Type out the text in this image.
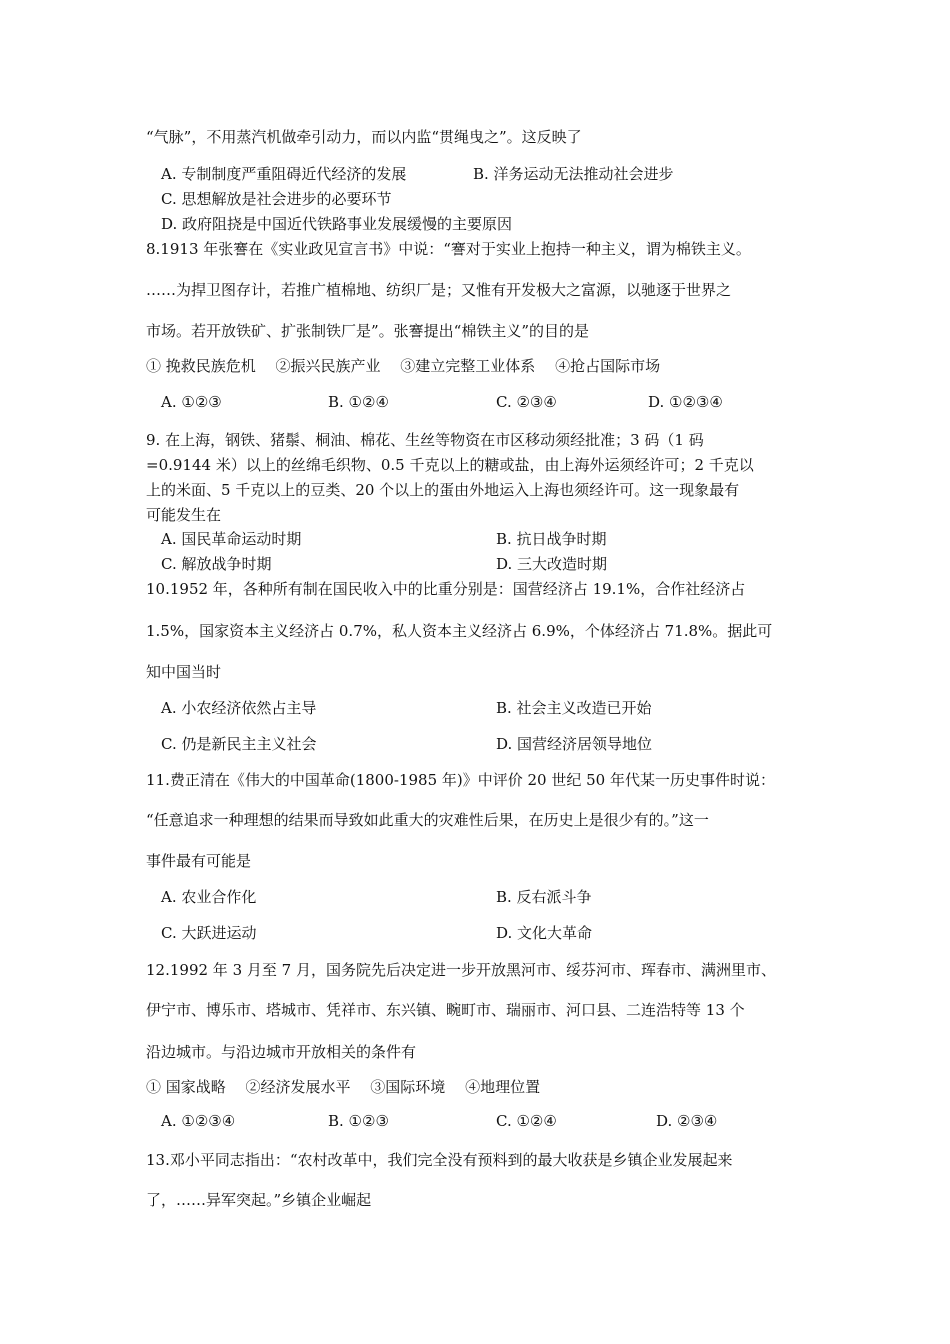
“气脉”，不用蒸汽机做牵引动力，而以内监“贯绳曳之”。这反映了
A. 专制制度严重阻碍近代经济的发展	B. 洋务运动无法推动社会进步
C. 思想解放是社会进步的必要环节
D. 政府阻挠是中国近代铁路事业发展缓慢的主要原因
8.1913 年张謇在《实业政见宣言书》中说：“謇对于实业上抱持一种主义，谓为棉铁主义。
……为捍卫图存计，若推广植棉地、纺织厂是；又惟有开发极大之富源，以驰逐于世界之
市场。若开放铁矿、扩张制铁厂是”。张謇提出“棉铁主义”的目的是
① 挽救民族危机　 ②振兴民族产业　 ③建立完整工业体系　 ④抢占国际市场
A. ①②③	B. ①②④	C. ②③④	D. ①②③④
9. 在上海，钢铁、猪鬃、桐油、棉花、生丝等物资在市区移动须经批准；3 码（1 码
=0.9144 米）以上的丝绵毛织物、0.5 千克以上的糖或盐，由上海外运须经许可；2 千克以
上的米面、5 千克以上的豆类、20 个以上的蛋由外地运入上海也须经许可。这一现象最有
可能发生在
A. 国民革命运动时期	B. 抗日战争时期
C. 解放战争时期	D. 三大改造时期
10.1952 年，各种所有制在国民收入中的比重分别是：国营经济占 19.1%，合作社经济占
1.5%，国家资本主义经济占 0.7%，私人资本主义经济占 6.9%，个体经济占 71.8%。据此可
知中国当时
A. 小农经济依然占主导	B. 社会主义改造已开始
C. 仍是新民主主义社会	D. 国营经济居领导地位
11.费正清在《伟大的中国革命(1800-1985 年)》中评价 20 世纪 50 年代某一历史事件时说：
“任意追求一种理想的结果而导致如此重大的灾难性后果，在历史上是很少有的。”这一
事件最有可能是
A. 农业合作化	B. 反右派斗争
C. 大跃进运动	D. 文化大革命
12.1992 年 3 月至 7 月，国务院先后决定进一步开放黑河市、绥芬河市、珲春市、满洲里市、
伊宁市、博乐市、塔城市、凭祥市、东兴镇、畹町市、瑞丽市、河口县、二连浩特等 13 个
沿边城市。与沿边城市开放相关的条件有
① 国家战略　 ②经济发展水平　 ③国际环境　 ④地理位置
A. ①②③④	B. ①②③	C. ①②④	D. ②③④
13.邓小平同志指出：“农村改革中，我们完全没有预料到的最大收获是乡镇企业发展起来
了，……异军突起。”乡镇企业崛起
